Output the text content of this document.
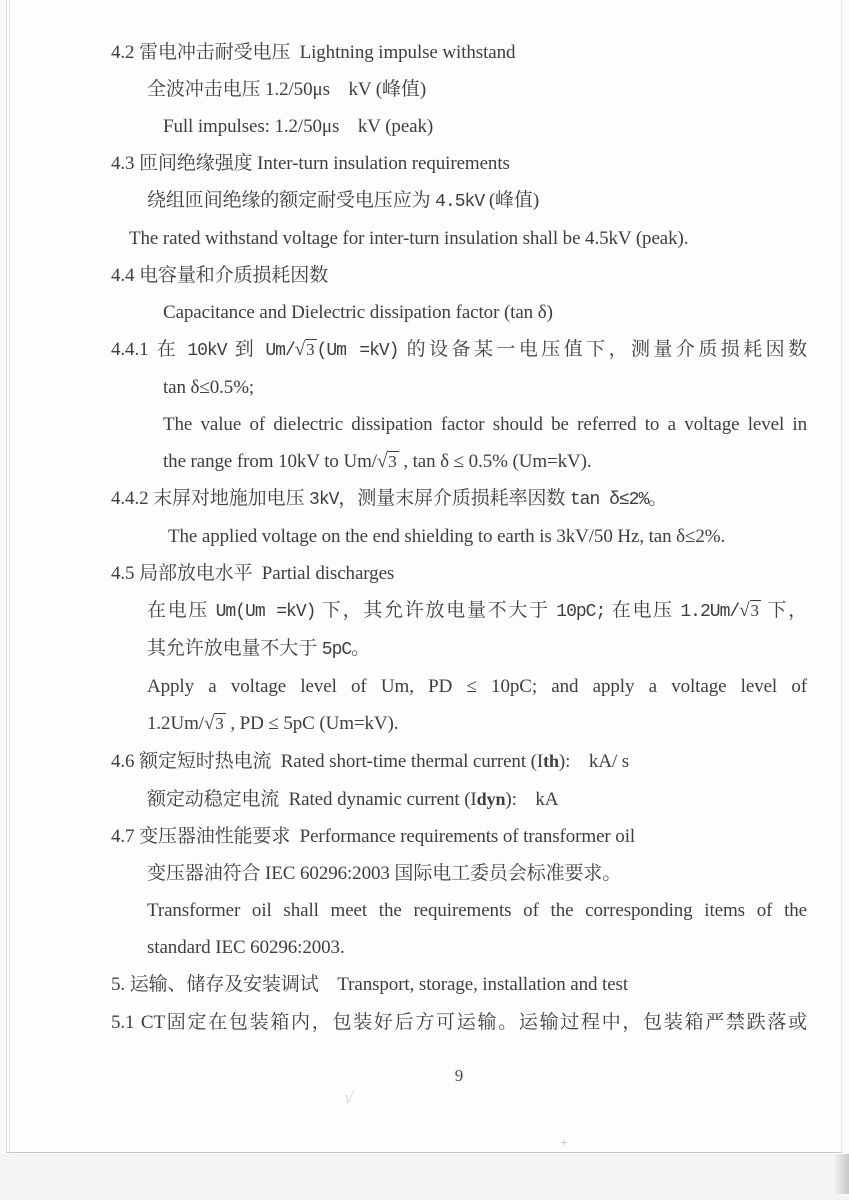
4.2 雷电冲击耐受电压  Lightning impulse withstand
全波冲击电压 1.2/50μs    kV (峰值)
Full impulses: 1.2/50μs    kV (peak)
4.3 匝间绝缘强度 Inter-turn insulation requirements
绕组匝间绝缘的额定耐受电压应为 4.5kV (峰值)
The rated withstand voltage for inter-turn insulation shall be 4.5kV (peak).
4.4 电容量和介质损耗因数
Capacitance and Dielectric dissipation factor (tan δ)
4.4.1 在 10kV 到 Um/√3 (Um =kV) 的设备某一电压值下，测量介质损耗因数
tan δ≤0.5%;
The value of dielectric dissipation factor should be referred to a voltage level in
the range from 10kV to Um/√3 , tan δ ≤ 0.5% (Um=kV).
4.4.2 末屏对地施加电压 3kV，测量末屏介质损耗率因数 tan δ≤2%。
The applied voltage on the end shielding to earth is 3kV/50 Hz, tan δ≤2%.
4.5 局部放电水平  Partial discharges
在电压 Um(Um =kV) 下，其允许放电量不大于 10pC; 在电压 1.2Um/√3 下，
其允许放电量不大于 5pC。
Apply a voltage level of Um, PD ≤ 10pC; and apply a voltage level of
1.2Um/√3 , PD ≤ 5pC (Um=kV).
4.6 额定短时热电流  Rated short-time thermal current (Ith):    kA/ s
额定动稳定电流  Rated dynamic current (Idyn):    kA
4.7 变压器油性能要求  Performance requirements of transformer oil
变压器油符合 IEC 60296:2003 国际电工委员会标准要求。
Transformer oil shall meet the requirements of the corresponding items of the
standard IEC 60296:2003.
5. 运输、储存及安装调试    Transport, storage, installation and test
5.1 CT固定在包装箱内，包装好后方可运输。运输过程中，包装箱严禁跌落或
9
√
+
